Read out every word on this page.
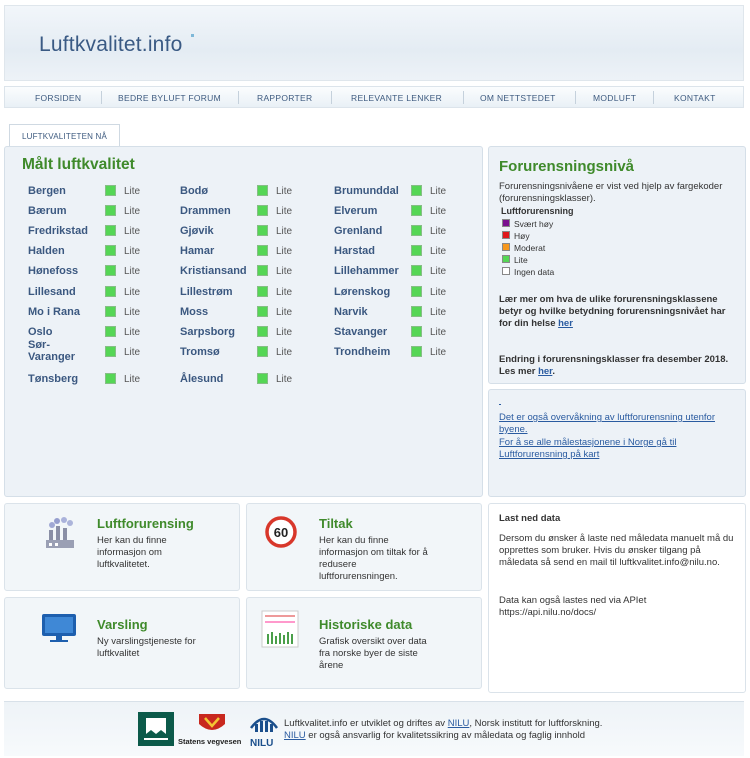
Luftkvalitet.info
FORSIDEN	BEDRE BYLUFT FORUM	RAPPORTER	RELEVANTE LENKER	OM NETTSTEDET	MODLUFT	KONTAKT
LUFTKVALITETEN NÅ
Målt luftkvalitet
Bergen	Lite	Bodø	Lite	Brumunddal	Lite
Bærum	Lite	Drammen	Lite	Elverum	Lite
Fredrikstad	Lite	Gjøvik	Lite	Grenland	Lite
Halden	Lite	Hamar	Lite	Harstad	Lite
Hønefoss	Lite	Kristiansand	Lite	Lillehammer	Lite
Lillesand	Lite	Lillestrøm	Lite	Lørenskog	Lite
Mo i Rana	Lite	Moss	Lite	Narvik	Lite
Oslo	Lite	Sarpsborg	Lite	Stavanger	Lite
Sør-Varanger	Lite	Tromsø	Lite	Trondheim	Lite
Tønsberg	Lite	Ålesund	Lite
Forurensningsnivå
Forurensningsnivåene er vist ved hjelp av fargekoder (forurensningsklasser).
Luftforurensning
Svært høy
Høy
Moderat
Lite
Ingen data
Lær mer om hva de ulike forurensningsklassene betyr og hvilke betydning forurensningsnivået har for din helse her
Endring i forurensningsklasser fra desember 2018. Les mer her.
Det er også overvåkning av luftforurensning utenfor byene.
For å se alle målestasjonene i Norge gå til Luftforurensning på kart
Luftforurensing
Her kan du finne informasjon om luftkvalitetet.
60
Tiltak
Her kan du finne informasjon om tiltak for å redusere luftforurensningen.
Varsling
Ny varslingstjeneste for luftkvalitet
Historiske data
Grafisk oversikt over data fra norske byer de siste årene
Last ned data
Dersom du ønsker å laste ned måledata manuelt må du opprettes som bruker. Hvis du ønsker tilgang på måledata så send en mail til luftkvalitet.info@nilu.no.
Data kan også lastes ned via APIet https://api.nilu.no/docs/
Statens vegvesen NILU
Luftkvalitet.info er utviklet og driftes av NILU, Norsk institutt for luftforskning.
NILU er også ansvarlig for kvalitetssikring av måledata og faglig innhold
